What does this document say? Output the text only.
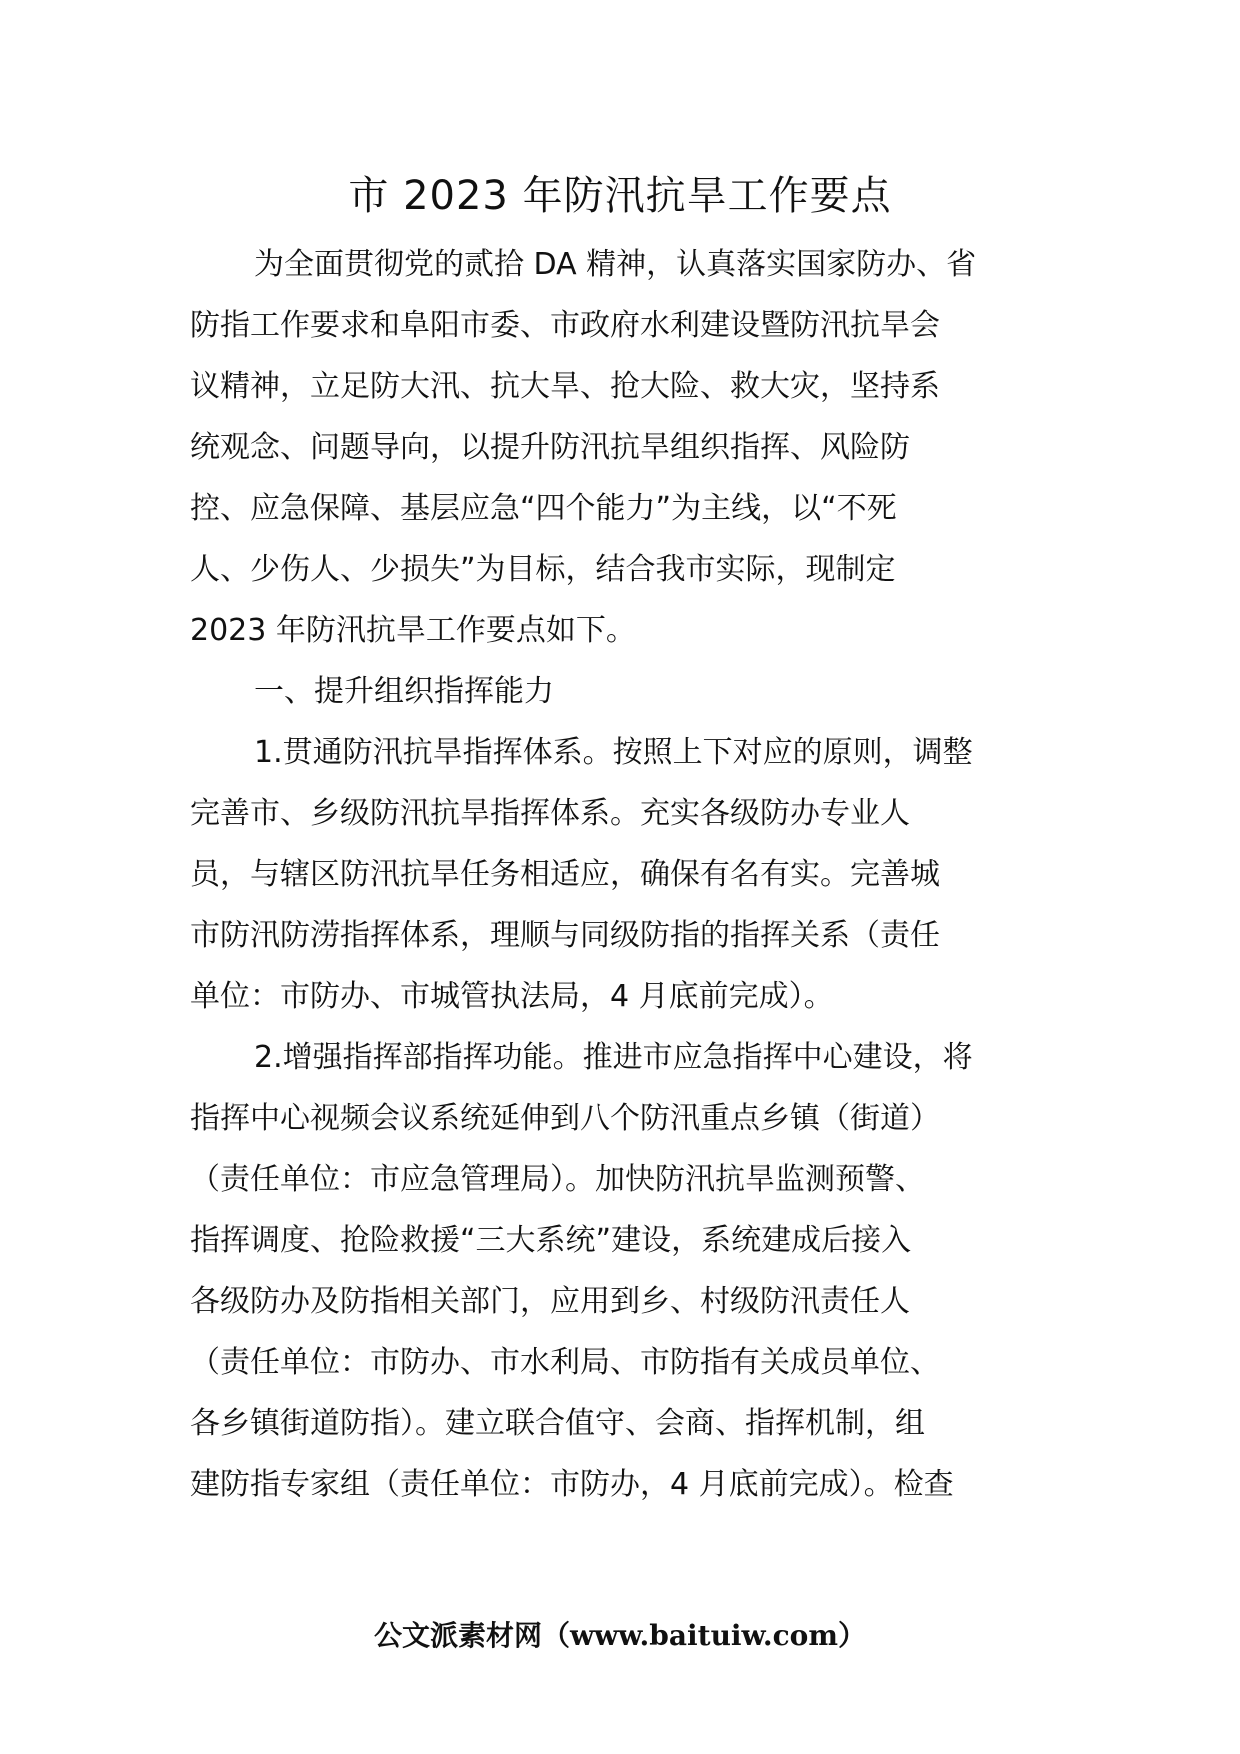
市 2023 年防汛抗旱工作要点
为全面贯彻党的贰拾 DA 精神，认真落实国家防办、省
防指工作要求和阜阳市委、市政府水利建设暨防汛抗旱会
议精神，立足防大汛、抗大旱、抢大险、救大灾，坚持系
统观念、问题导向，以提升防汛抗旱组织指挥、风险防
控、应急保障、基层应急“四个能力”为主线，以“不死
人、少伤人、少损失”为目标，结合我市实际，现制定
2023 年防汛抗旱工作要点如下。
一、提升组织指挥能力
1.贯通防汛抗旱指挥体系。按照上下对应的原则，调整
完善市、乡级防汛抗旱指挥体系。充实各级防办专业人
员，与辖区防汛抗旱任务相适应，确保有名有实。完善城
市防汛防涝指挥体系，理顺与同级防指的指挥关系（责任
单位：市防办、市城管执法局，4 月底前完成）。
2.增强指挥部指挥功能。推进市应急指挥中心建设，将
指挥中心视频会议系统延伸到八个防汛重点乡镇（街道）
（责任单位：市应急管理局）。加快防汛抗旱监测预警、
指挥调度、抢险救援“三大系统”建设，系统建成后接入
各级防办及防指相关部门，应用到乡、村级防汛责任人
（责任单位：市防办、市水利局、市防指有关成员单位、
各乡镇街道防指）。建立联合值守、会商、指挥机制，组
建防指专家组（责任单位：市防办，4 月底前完成）。检查
公文派素材网（www.baituiw.com）
